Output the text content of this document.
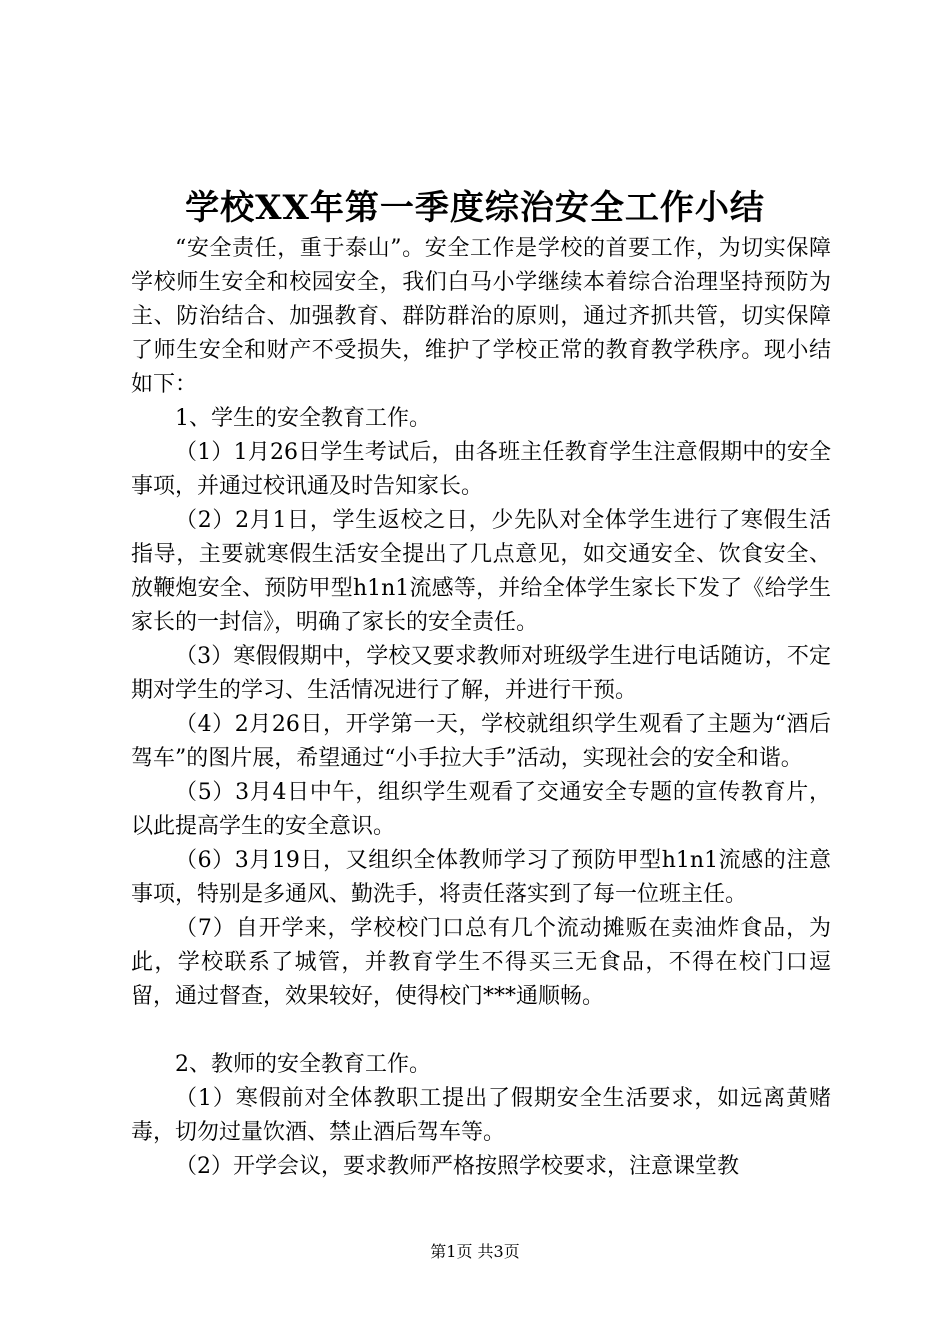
学校XX年第一季度综治安全工作小结

“安全责任，重于泰山”。安全工作是学校的首要工作，为切实保障学校师生安全和校园安全，我们白马小学继续本着综合治理坚持预防为主、防治结合、加强教育、群防群治的原则，通过齐抓共管，切实保障了师生安全和财产不受损失，维护了学校正常的教育教学秩序。现小结如下：

1、学生的安全教育工作。

（1）1月26日学生考试后，由各班主任教育学生注意假期中的安全事项，并通过校讯通及时告知家长。

（2）2月1日，学生返校之日，少先队对全体学生进行了寒假生活指导，主要就寒假生活安全提出了几点意见，如交通安全、饮食安全、放鞭炮安全、预防甲型h1n1流感等，并给全体学生家长下发了《给学生家长的一封信》，明确了家长的安全责任。

（3）寒假假期中，学校又要求教师对班级学生进行电话随访，不定期对学生的学习、生活情况进行了解，并进行干预。

（4）2月26日，开学第一天，学校就组织学生观看了主题为“酒后驾车”的图片展，希望通过“小手拉大手”活动，实现社会的安全和谐。

（5）3月4日中午，组织学生观看了交通安全专题的宣传教育片，以此提高学生的安全意识。

（6）3月19日，又组织全体教师学习了预防甲型h1n1流感的注意事项，特别是多通风、勤洗手，将责任落实到了每一位班主任。

（7）自开学来，学校校门口总有几个流动摊贩在卖油炸食品，为此，学校联系了城管，并教育学生不得买三无食品，不得在校门口逗留，通过督查，效果较好，使得校门***通顺畅。

2、教师的安全教育工作。

（1）寒假前对全体教职工提出了假期安全生活要求，如远离黄赌毒，切勿过量饮酒、禁止酒后驾车等。

（2）开学会议，要求教师严格按照学校要求，注意课堂教

第1页 共3页
